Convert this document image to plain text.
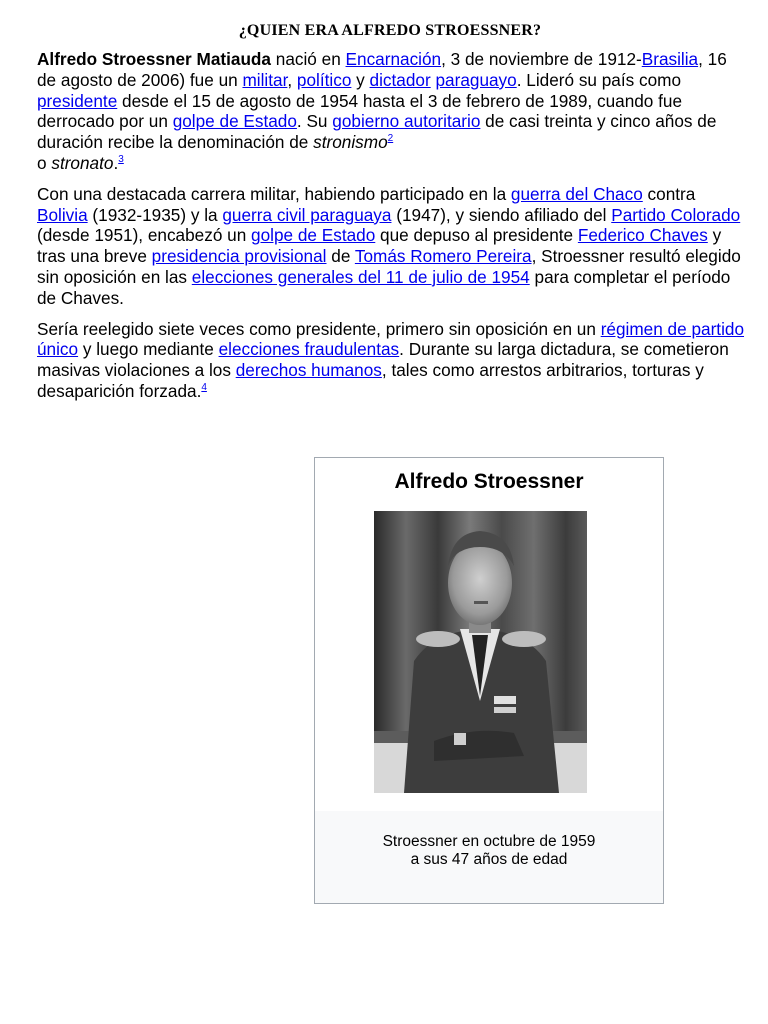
¿QUIEN ERA ALFREDO STROESSNER?

Alfredo Stroessner Matiauda nació en Encarnación, 3 de noviembre de 1912-Brasilia, 16 de agosto de 2006) fue un militar, político y dictador paraguayo. Lideró su país como presidente desde el 15 de agosto de 1954 hasta el 3 de febrero de 1989, cuando fue derrocado por un golpe de Estado. Su gobierno autoritario de casi treinta y cinco años de duración recibe la denominación de stronismo$^2$
o stronato.$^3$

Con una destacada carrera militar, habiendo participado en la guerra del Chaco contra Bolivia (1932-1935) y la guerra civil paraguaya (1947), y siendo afiliado del Partido Colorado (desde 1951), encabezó un golpe de Estado que depuso al presidente Federico Chaves y tras una breve presidencia provisional de Tomás Romero Pereira, Stroessner resultó elegido sin oposición en las elecciones generales del 11 de julio de 1954 para completar el período de Chaves.

Sería reelegido siete veces como presidente, primero sin oposición en un régimen de partido único y luego mediante elecciones fraudulentas. Durante su larga dictadura, se cometieron masivas violaciones a los derechos humanos, tales como arrestos arbitrarios, torturas y desaparición forzada.$^4$

Alfredo Stroessner
Stroessner en octubre de 1959
a sus 47 años de edad
